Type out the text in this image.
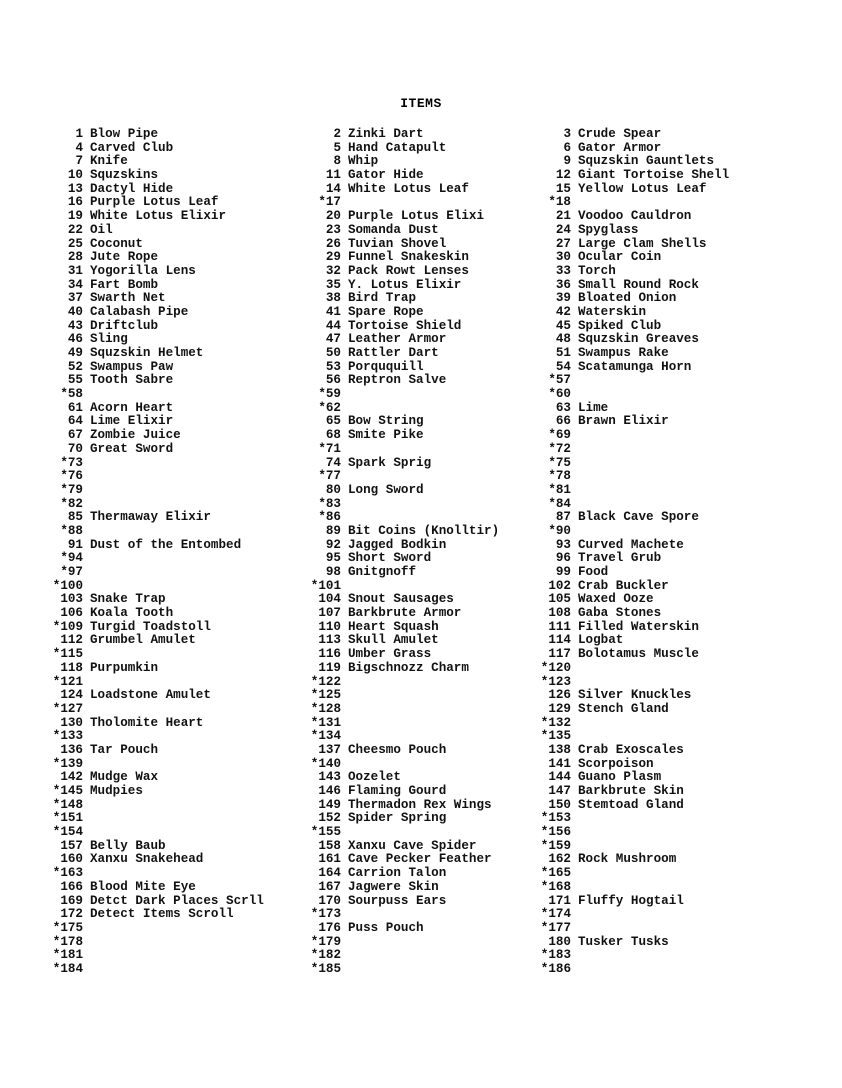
ITEMS
1 Blow Pipe
4 Carved Club
7 Knife
10 Squzskins
13 Dactyl Hide
16 Purple Lotus Leaf
19 White Lotus Elixir
22 Oil
25 Coconut
28 Jute Rope
31 Yogorilla Lens
34 Fart Bomb
37 Swarth Net
40 Calabash Pipe
43 Driftclub
46 Sling
49 Squzskin Helmet
52 Swampus Paw
55 Tooth Sabre
*58
61 Acorn Heart
64 Lime Elixir
67 Zombie Juice
70 Great Sword
*73
*76
*79
*82
85 Thermaway Elixir
*88
91 Dust of the Entombed
*94
*97
*100
103 Snake Trap
106 Koala Tooth
*109 Turgid Toadstoll
112 Grumbel Amulet
*115
118 Purpumkin
*121
124 Loadstone Amulet
*127
130 Tholomite Heart
*133
136 Tar Pouch
*139
142 Mudge Wax
*145 Mudpies
*148
*151
*154
157 Belly Baub
160 Xanxu Snakehead
*163
166 Blood Mite Eye
169 Detct Dark Places Scrll
172 Detect Items Scroll
*175
*178
*181
*184
2 Zinki Dart
5 Hand Catapult
8 Whip
11 Gator Hide
14 White Lotus Leaf
*17
20 Purple Lotus Elixi
23 Somanda Dust
26 Tuvian Shovel
29 Funnel Snakeskin
32 Pack Rowt Lenses
35 Y. Lotus Elixir
38 Bird Trap
41 Spare Rope
44 Tortoise Shield
47 Leather Armor
50 Rattler Dart
53 Porququill
56 Reptron Salve
*59
*62
65 Bow String
68 Smite Pike
*71
74 Spark Sprig
*77
80 Long Sword
*83
*86
89 Bit Coins (Knolltir)
92 Jagged Bodkin
95 Short Sword
98 Gnitgnoff
*101
104 Snout Sausages
107 Barkbrute Armor
110 Heart Squash
113 Skull Amulet
116 Umber Grass
119 Bigschnozz Charm
*122
*125
*128
*131
*134
137 Cheesmo Pouch
*140
143 Oozelet
146 Flaming Gourd
149 Thermadon Rex Wings
152 Spider Spring
*155
158 Xanxu Cave Spider
161 Cave Pecker Feather
164 Carrion Talon
167 Jagwere Skin
170 Sourpuss Ears
*173
176 Puss Pouch
*179
*182
*185
3 Crude Spear
6 Gator Armor
9 Squzskin Gauntlets
12 Giant Tortoise Shell
15 Yellow Lotus Leaf
*18
21 Voodoo Cauldron
24 Spyglass
27 Large Clam Shells
30 Ocular Coin
33 Torch
36 Small Round Rock
39 Bloated Onion
42 Waterskin
45 Spiked Club
48 Squzskin Greaves
51 Swampus Rake
54 Scatamunga Horn
*57
*60
63 Lime
66 Brawn Elixir
*69
*72
*75
*78
*81
*84
87 Black Cave Spore
*90
93 Curved Machete
96 Travel Grub
99 Food
102 Crab Buckler
105 Waxed Ooze
108 Gaba Stones
111 Filled Waterskin
114 Logbat
117 Bolotamus Muscle
*120
*123
126 Silver Knuckles
129 Stench Gland
*132
*135
138 Crab Exoscales
141 Scorpoison
144 Guano Plasm
147 Barkbrute Skin
150 Stemtoad Gland
*153
*156
*159
162 Rock Mushroom
*165
*168
171 Fluffy Hogtail
*174
*177
180 Tusker Tusks
*183
*186
